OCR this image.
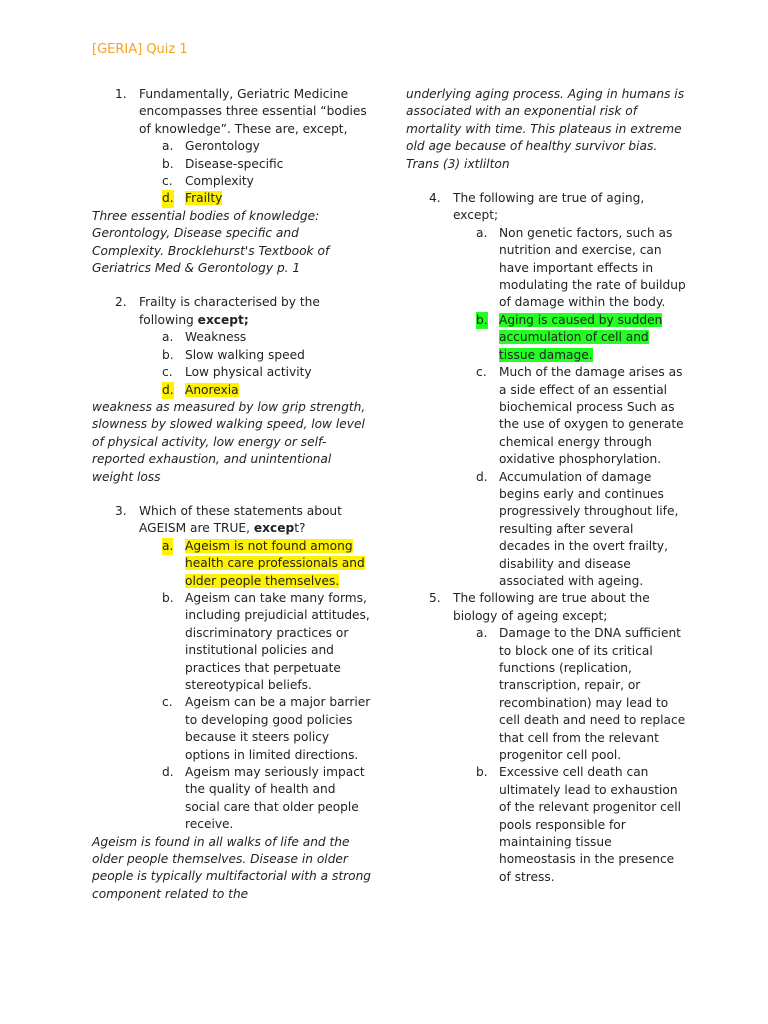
[GERIA] Quiz 1
1. Fundamentally, Geriatric Medicine encompasses three essential “bodies of knowledge”. These are, except,
a. Gerontology
b. Disease-specific
c. Complexity
d. Frailty
Three essential bodies of knowledge: Gerontology, Disease specific and Complexity. Brocklehurst's Textbook of Geriatrics Med & Gerontology p. 1
2. Frailty is characterised by the following except;
a. Weakness
b. Slow walking speed
c. Low physical activity
d. Anorexia
weakness as measured by low grip strength, slowness by slowed walking speed, low level of physical activity, low energy or self-reported exhaustion, and unintentional weight loss
3. Which of these statements about AGEISM are TRUE, except?
a. Ageism is not found among health care professionals and older people themselves.
b. Ageism can take many forms, including prejudicial attitudes, discriminatory practices or institutional policies and practices that perpetuate stereotypical beliefs.
c. Ageism can be a major barrier to developing good policies because it steers policy options in limited directions.
d. Ageism may seriously impact the quality of health and social care that older people receive.
Ageism is found in all walks of life and the older people themselves. Disease in older people is typically multifactorial with a strong component related to the
underlying aging process. Aging in humans is associated with an exponential risk of mortality with time. This plateaus in extreme old age because of healthy survivor bias. Trans (3) ixtlilton
4. The following are true of aging, except;
a. Non genetic factors, such as nutrition and exercise, can have important effects in modulating the rate of buildup of damage within the body.
b. Aging is caused by sudden accumulation of cell and tissue damage.
c. Much of the damage arises as a side effect of an essential biochemical process Such as the use of oxygen to generate chemical energy through oxidative phosphorylation.
d. Accumulation of damage begins early and continues progressively throughout life, resulting after several decades in the overt frailty, disability and disease associated with ageing.
5. The following are true about the biology of ageing except;
a. Damage to the DNA sufficient to block one of its critical functions (replication, transcription, repair, or recombination) may lead to cell death and need to replace that cell from the relevant progenitor cell pool.
b. Excessive cell death can ultimately lead to exhaustion of the relevant progenitor cell pools responsible for maintaining tissue homeostasis in the presence of stress.
